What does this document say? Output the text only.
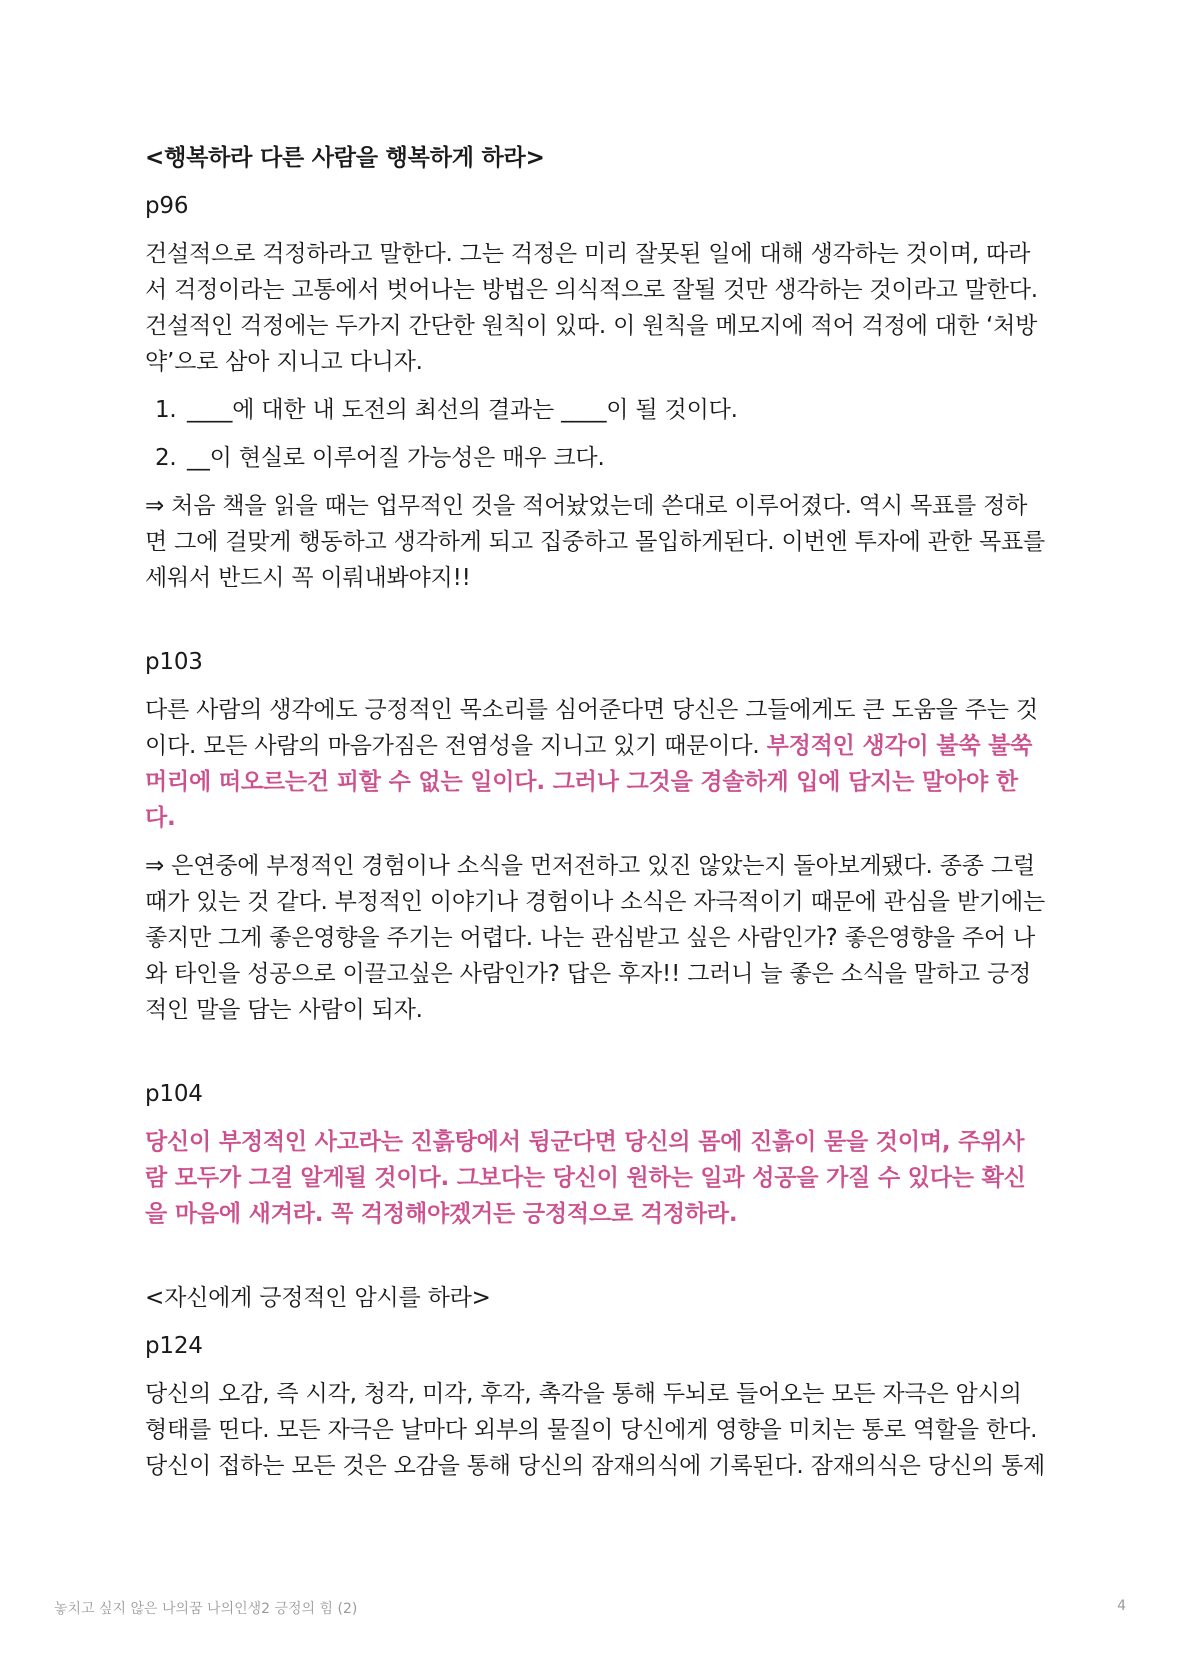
<행복하라 다른 사람을 행복하게 하라>

p96

건설적으로 걱정하라고 말한다. 그는 걱정은 미리 잘못된 일에 대해 생각하는 것이며, 따라서 걱정이라는 고통에서 벗어나는 방법은 의식적으로 잘될 것만 생각하는 것이라고 말한다. 건설적인 걱정에는 두가지 간단한 원칙이 있따. 이 원칙을 메모지에 적어 걱정에 대한 ‘처방약’으로 삼아 지니고 다니자.

1. ____에 대한 내 도전의 최선의 결과는 ____이 될 것이다.
2. __이 현실로 이루어질 가능성은 매우 크다.

⇒ 처음 책을 읽을 때는 업무적인 것을 적어놨었는데 쓴대로 이루어졌다. 역시 목표를 정하면 그에 걸맞게 행동하고 생각하게 되고 집중하고 몰입하게된다. 이번엔 투자에 관한 목표를 세워서 반드시 꼭 이뤄내봐야지!!

p103

다른 사람의 생각에도 긍정적인 목소리를 심어준다면 당신은 그들에게도 큰 도움을 주는 것이다. 모든 사람의 마음가짐은 전염성을 지니고 있기 때문이다. 부정적인 생각이 불쑥 불쑥 머리에 떠오르는건 피할 수 없는 일이다. 그러나 그것을 경솔하게 입에 담지는 말아야 한다.

⇒ 은연중에 부정적인 경험이나 소식을 먼저전하고 있진 않았는지 돌아보게됐다. 종종 그럴때가 있는 것 같다. 부정적인 이야기나 경험이나 소식은 자극적이기 때문에 관심을 받기에는 좋지만 그게 좋은영향을 주기는 어렵다. 나는 관심받고 싶은 사람인가? 좋은영향을 주어 나와 타인을 성공으로 이끌고싶은 사람인가? 답은 후자!! 그러니 늘 좋은 소식을 말하고 긍정적인 말을 담는 사람이 되자.

p104

당신이 부정적인 사고라는 진흙탕에서 뒹군다면 당신의 몸에 진흙이 묻을 것이며, 주위사람 모두가 그걸 알게될 것이다. 그보다는 당신이 원하는 일과 성공을 가질 수 있다는 확신을 마음에 새겨라. 꼭 걱정해야겠거든 긍정적으로 걱정하라.

<자신에게 긍정적인 암시를 하라>

p124

당신의 오감, 즉 시각, 청각, 미각, 후각, 촉각을 통해 두뇌로 들어오는 모든 자극은 암시의 형태를 띤다. 모든 자극은 날마다 외부의 물질이 당신에게 영향을 미치는 통로 역할을 한다. 당신이 접하는 모든 것은 오감을 통해 당신의 잠재의식에 기록된다. 잠재의식은 당신의 통제

놓치고 싶지 않은 나의꿈 나의인생2 긍정의 힘 (2)	4
